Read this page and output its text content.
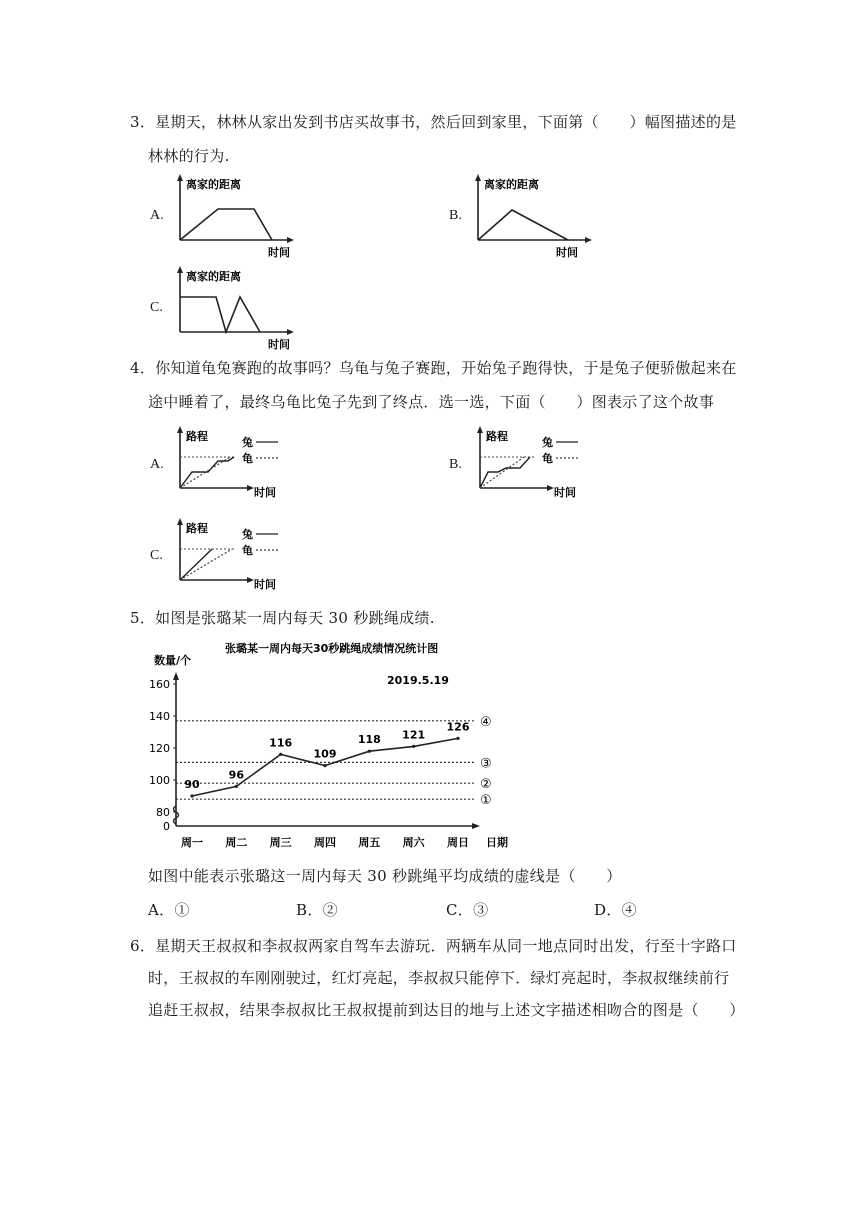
3．星期天，林林从家出发到书店买故事书，然后回到家里，下面第（　　）幅图描述的是
林林的行为.
A.
离家的距离
时间
B.
离家的距离
时间
C.
离家的距离
时间
4．你知道龟兔赛跑的故事吗？乌龟与兔子赛跑，开始兔子跑得快，于是兔子便骄傲起来在
途中睡着了，最终乌龟比兔子先到了终点．选一选，下面（　　）图表示了这个故事
A.
路程
时间
兔
龟	B.
路程
时间
兔
龟
C.
路程
时间
兔
龟
5．如图是张璐某一周内每天 30 秒跳绳成绩.
张璐某一周内每天30秒跳绳成绩情况统计图
2019.5.19
数量/个
日期
0
80
100
120
140
160
①
②
③
④
周一 周二 周三 周四 周五 周六 周日
90
96
116
109
118 121
126
如图中能表示张璐这一周内每天 30 秒跳绳平均成绩的虚线是（　　）
A．①	B．②	C．③	D．④
6．星期天王叔叔和李叔叔两家自驾车去游玩．两辆车从同一地点同时出发，行至十字路口
时，王叔叔的车刚刚驶过，红灯亮起，李叔叔只能停下．绿灯亮起时，李叔叔继续前行
追赶王叔叔，结果李叔叔比王叔叔提前到达目的地与上述文字描述相吻合的图是（　　）
